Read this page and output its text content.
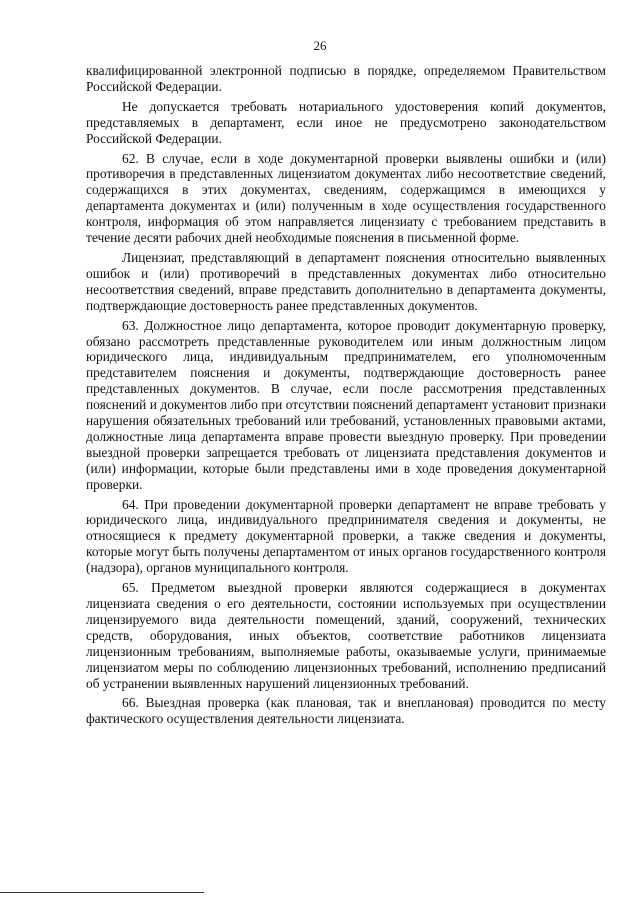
26

квалифицированной электронной подписью в порядке, определяемом Правительством Российской Федерации.

Не допускается требовать нотариального удостоверения копий документов, представляемых в департамент, если иное не предусмотрено законодательством Российской Федерации.

62. В случае, если в ходе документарной проверки выявлены ошибки и (или) противоречия в представленных лицензиатом документах либо несоответствие сведений, содержащихся в этих документах, сведениям, содержащимся в имеющихся у департамента документах и (или) полученным в ходе осуществления государственного контроля, информация об этом направляется лицензиату с требованием представить в течение десяти рабочих дней необходимые пояснения в письменной форме.

Лицензиат, представляющий в департамент пояснения относительно выявленных ошибок и (или) противоречий в представленных документах либо относительно несоответствия сведений, вправе представить дополнительно в департамента документы, подтверждающие достоверность ранее представленных документов.

63. Должностное лицо департамента, которое проводит документарную проверку, обязано рассмотреть представленные руководителем или иным должностным лицом юридического лица, индивидуальным предпринимателем, его уполномоченным представителем пояснения и документы, подтверждающие достоверность ранее представленных документов. В случае, если после рассмотрения представленных пояснений и документов либо при отсутствии пояснений департамент установит признаки нарушения обязательных требований или требований, установленных правовыми актами, должностные лица департамента вправе провести выездную проверку. При проведении выездной проверки запрещается требовать от лицензиата представления документов и (или) информации, которые были представлены ими в ходе проведения документарной проверки.

64. При проведении документарной проверки департамент не вправе требовать у юридического лица, индивидуального предпринимателя сведения и документы, не относящиеся к предмету документарной проверки, а также сведения и документы, которые могут быть получены департаментом от иных органов государственного контроля (надзора), органов муниципального контроля.

65. Предметом выездной проверки являются содержащиеся в документах лицензиата сведения о его деятельности, состоянии используемых при осуществлении лицензируемого вида деятельности помещений, зданий, сооружений, технических средств, оборудования, иных объектов, соответствие работников лицензиата лицензионным требованиям, выполняемые работы, оказываемые услуги, принимаемые лицензиатом меры по соблюдению лицензионных требований, исполнению предписаний об устранении выявленных нарушений лицензионных требований.

66. Выездная проверка (как плановая, так и внеплановая) проводится по месту фактического осуществления деятельности лицензиата.
